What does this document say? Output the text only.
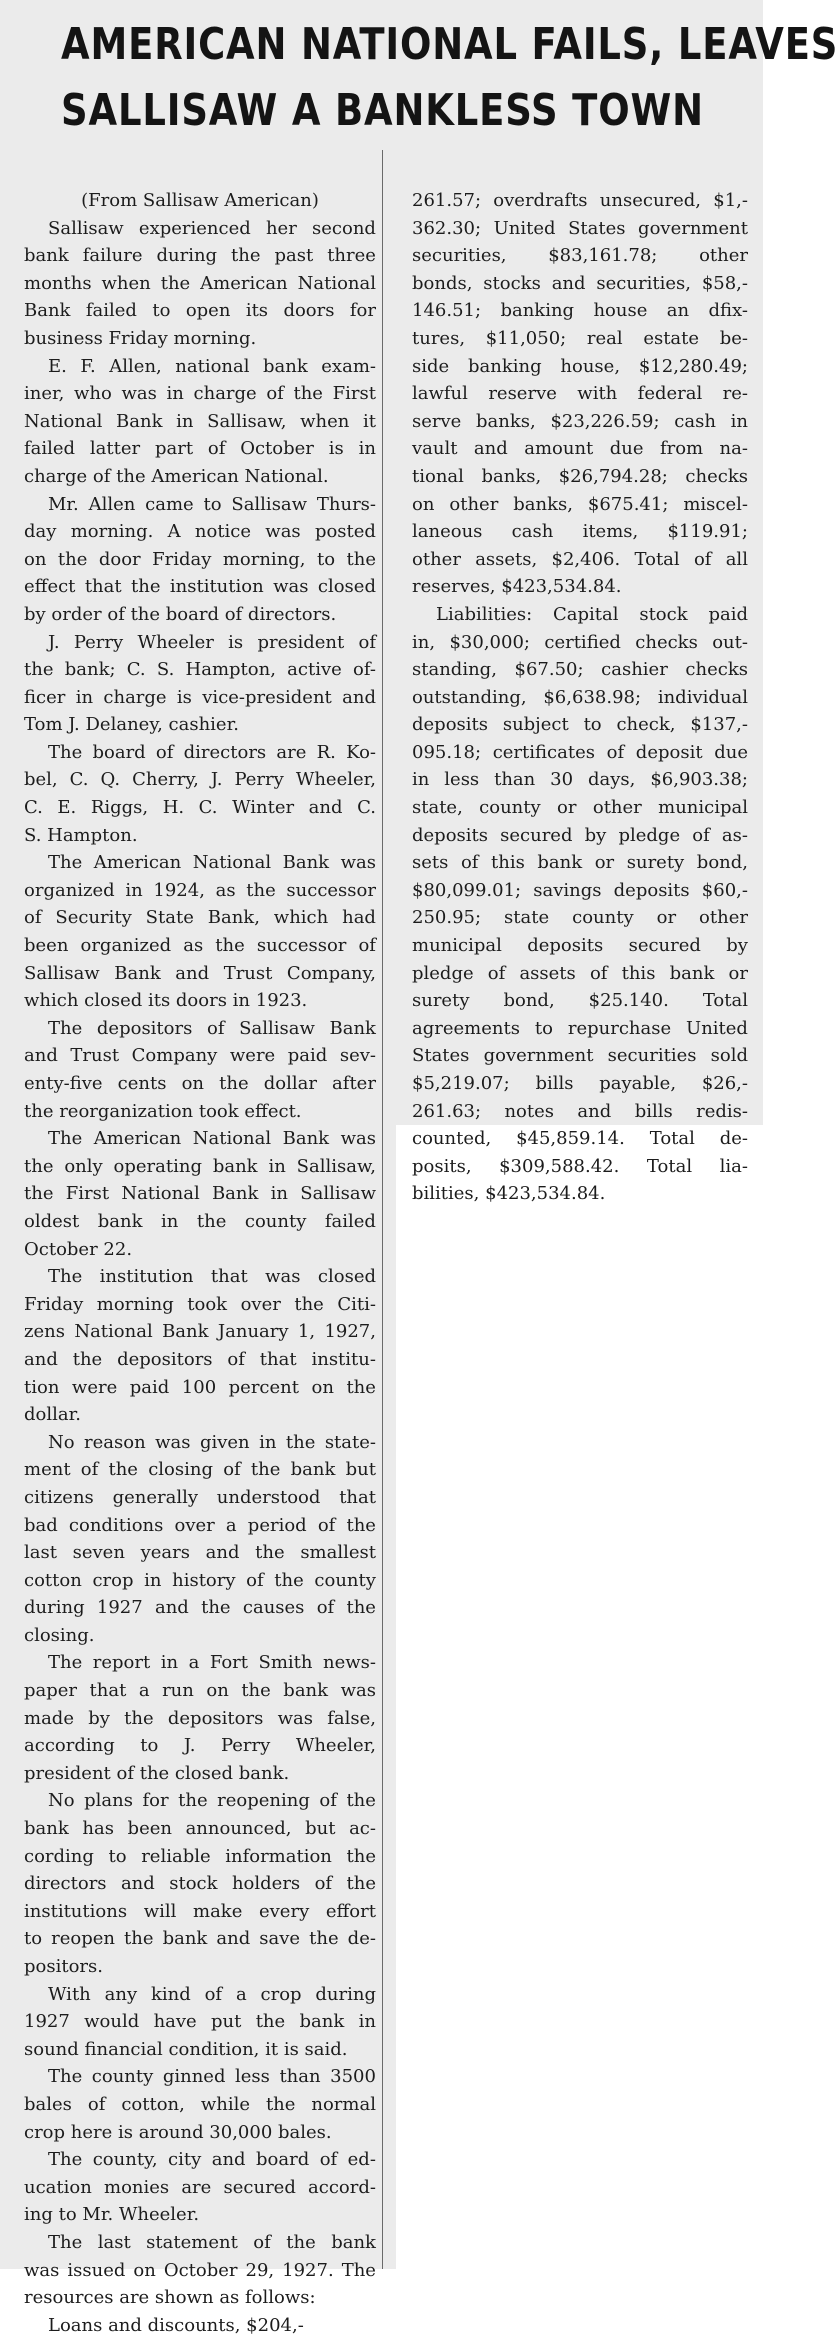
AMERICAN NATIONAL FAILS, LEAVES
SALLISAW A BANKLESS TOWN
(From Sallisaw American)
Sallisaw experienced her second
bank failure during the past three
months when the American National
Bank failed to open its doors for
business Friday morning.
E. F. Allen, national bank exam-
iner, who was in charge of the First
National Bank in Sallisaw, when it
failed latter part of October is in
charge of the American National.
Mr. Allen came to Sallisaw Thurs-
day morning. A notice was posted
on the door Friday morning, to the
effect that the institution was closed
by order of the board of directors.
J. Perry Wheeler is president of
the bank; C. S. Hampton, active of-
ficer in charge is vice-president and
Tom J. Delaney, cashier.
The board of directors are R. Ko-
bel, C. Q. Cherry, J. Perry Wheeler,
C. E. Riggs, H. C. Winter and C.
S. Hampton.
The American National Bank was
organized in 1924, as the successor
of Security State Bank, which had
been organized as the successor of
Sallisaw Bank and Trust Company,
which closed its doors in 1923.
The depositors of Sallisaw Bank
and Trust Company were paid sev-
enty-five cents on the dollar after
the reorganization took effect.
The American National Bank was
the only operating bank in Sallisaw,
the First National Bank in Sallisaw
oldest bank in the county failed
October 22.
The institution that was closed
Friday morning took over the Citi-
zens National Bank January 1, 1927,
and the depositors of that institu-
tion were paid 100 percent on the
dollar.
No reason was given in the state-
ment of the closing of the bank but
citizens generally understood that
bad conditions over a period of the
last seven years and the smallest
cotton crop in history of the county
during 1927 and the causes of the
closing.
The report in a Fort Smith news-
paper that a run on the bank was
made by the depositors was false,
according to J. Perry Wheeler,
president of the closed bank.
No plans for the reopening of the
bank has been announced, but ac-
cording to reliable information the
directors and stock holders of the
institutions will make every effort
to reopen the bank and save the de-
positors.
With any kind of a crop during
1927 would have put the bank in
sound financial condition, it is said.
The county ginned less than 3500
bales of cotton, while the normal
crop here is around 30,000 bales.
The county, city and board of ed-
ucation monies are secured accord-
ing to Mr. Wheeler.
The last statement of the bank
was issued on October 29, 1927. The
resources are shown as follows:
Loans and discounts, $204,-
261.57; overdrafts unsecured, $1,-
362.30; United States government
securities, $83,161.78; other
bonds, stocks and securities, $58,-
146.51; banking house an dfix-
tures, $11,050; real estate be-
side banking house, $12,280.49;
lawful reserve with federal re-
serve banks, $23,226.59; cash in
vault and amount due from na-
tional banks, $26,794.28; checks
on other banks, $675.41; miscel-
laneous cash items, $119.91;
other assets, $2,406. Total of all
reserves, $423,534.84.
Liabilities: Capital stock paid
in, $30,000; certified checks out-
standing, $67.50; cashier checks
outstanding, $6,638.98; individual
deposits subject to check, $137,-
095.18; certificates of deposit due
in less than 30 days, $6,903.38;
state, county or other municipal
deposits secured by pledge of as-
sets of this bank or surety bond,
$80,099.01; savings deposits $60,-
250.95; state county or other
municipal deposits secured by
pledge of assets of this bank or
surety bond, $25.140. Total
agreements to repurchase United
States government securities sold
$5,219.07; bills payable, $26,-
261.63; notes and bills redis-
counted, $45,859.14. Total de-
posits, $309,588.42. Total lia-
bilities, $423,534.84.
